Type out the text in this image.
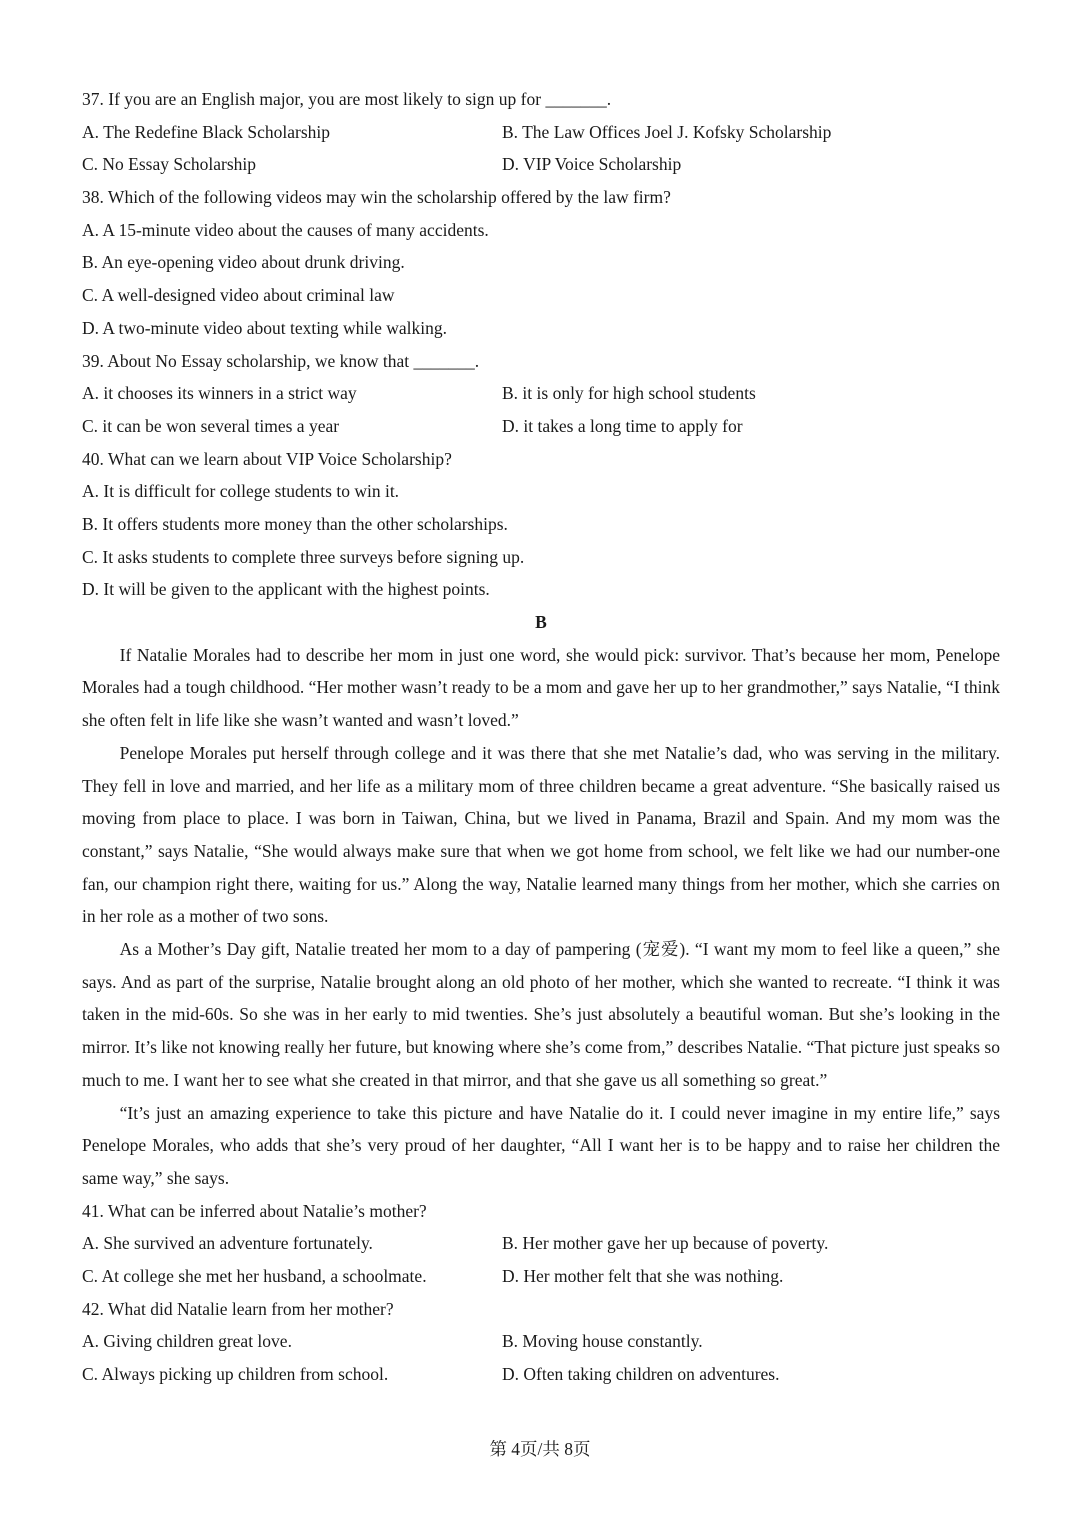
37. If you are an English major, you are most likely to sign up for _______.
A. The Redefine Black Scholarship	B. The Law Offices Joel J. Kofsky Scholarship
C. No Essay Scholarship	D. VIP Voice Scholarship
38. Which of the following videos may win the scholarship offered by the law firm?
A. A 15-minute video about the causes of many accidents.
B. An eye-opening video about drunk driving.
C. A well-designed video about criminal law
D. A two-minute video about texting while walking.
39. About No Essay scholarship, we know that _______.
A. it chooses its winners in a strict way	B. it is only for high school students
C. it can be won several times a year	D. it takes a long time to apply for
40. What can we learn about VIP Voice Scholarship?
A. It is difficult for college students to win it.
B. It offers students more money than the other scholarships.
C. It asks students to complete three surveys before signing up.
D. It will be given to the applicant with the highest points.
B

If Natalie Morales had to describe her mom in just one word, she would pick: survivor. That’s because her mom, Penelope Morales had a tough childhood. “Her mother wasn’t ready to be a mom and gave her up to her grandmother,” says Natalie, “I think she often felt in life like she wasn’t wanted and wasn’t loved.”

Penelope Morales put herself through college and it was there that she met Natalie’s dad, who was serving in the military. They fell in love and married, and her life as a military mom of three children became a great adventure. “She basically raised us moving from place to place. I was born in Taiwan, China, but we lived in Panama, Brazil and Spain. And my mom was the constant,” says Natalie, “She would always make sure that when we got home from school, we felt like we had our number-one fan, our champion right there, waiting for us.” Along the way, Natalie learned many things from her mother, which she carries on in her role as a mother of two sons.

As a Mother’s Day gift, Natalie treated her mom to a day of pampering (宠爱). “I want my mom to feel like a queen,” she says. And as part of the surprise, Natalie brought along an old photo of her mother, which she wanted to recreate. “I think it was taken in the mid-60s. So she was in her early to mid twenties. She’s just absolutely a beautiful woman. But she’s looking in the mirror. It’s like not knowing really her future, but knowing where she’s come from,” describes Natalie. “That picture just speaks so much to me. I want her to see what she created in that mirror, and that she gave us all something so great.”

“It’s just an amazing experience to take this picture and have Natalie do it. I could never imagine in my entire life,” says Penelope Morales, who adds that she’s very proud of her daughter, “All I want her is to be happy and to raise her children the same way,” she says.

41. What can be inferred about Natalie’s mother?
A. She survived an adventure fortunately.	B. Her mother gave her up because of poverty.
C. At college she met her husband, a schoolmate.	D. Her mother felt that she was nothing.
42. What did Natalie learn from her mother?
A. Giving children great love.	B. Moving house constantly.
C. Always picking up children from school.	D. Often taking children on adventures.
第 4页/共 8页
